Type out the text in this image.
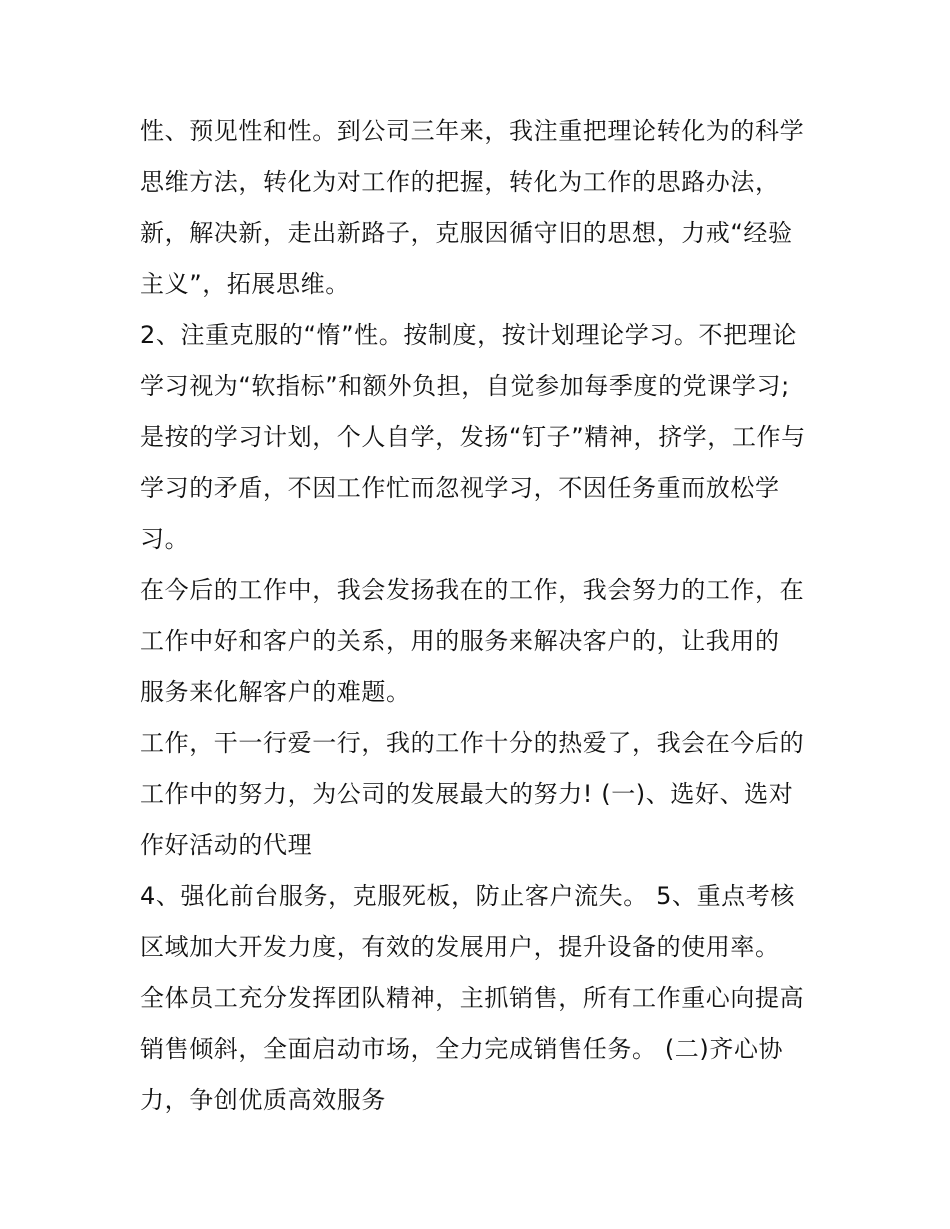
性、预见性和性。到公司三年来，我注重把理论转化为的科学
思维方法，转化为对工作的把握，转化为工作的思路办法，
新，解决新，走出新路子，克服因循守旧的思想，力戒“经验
主义”，拓展思维。
2、注重克服的“惰”性。按制度，按计划理论学习。不把理论
学习视为“软指标”和额外负担，自觉参加每季度的党课学习;
是按的学习计划，个人自学，发扬“钉子”精神，挤学，工作与
学习的矛盾，不因工作忙而忽视学习，不因任务重而放松学
习。
在今后的工作中，我会发扬我在的工作，我会努力的工作，在
工作中好和客户的关系，用的服务来解决客户的，让我用的
服务来化解客户的难题。
工作，干一行爱一行，我的工作十分的热爱了，我会在今后的
工作中的努力，为公司的发展最大的努力! (一)、选好、选对
作好活动的代理
4、强化前台服务，克服死板，防止客户流失。 5、重点考核
区域加大开发力度，有效的发展用户，提升设备的使用率。
全体员工充分发挥团队精神，主抓销售，所有工作重心向提高
销售倾斜，全面启动市场，全力完成销售任务。 (二)齐心协
力，争创优质高效服务
